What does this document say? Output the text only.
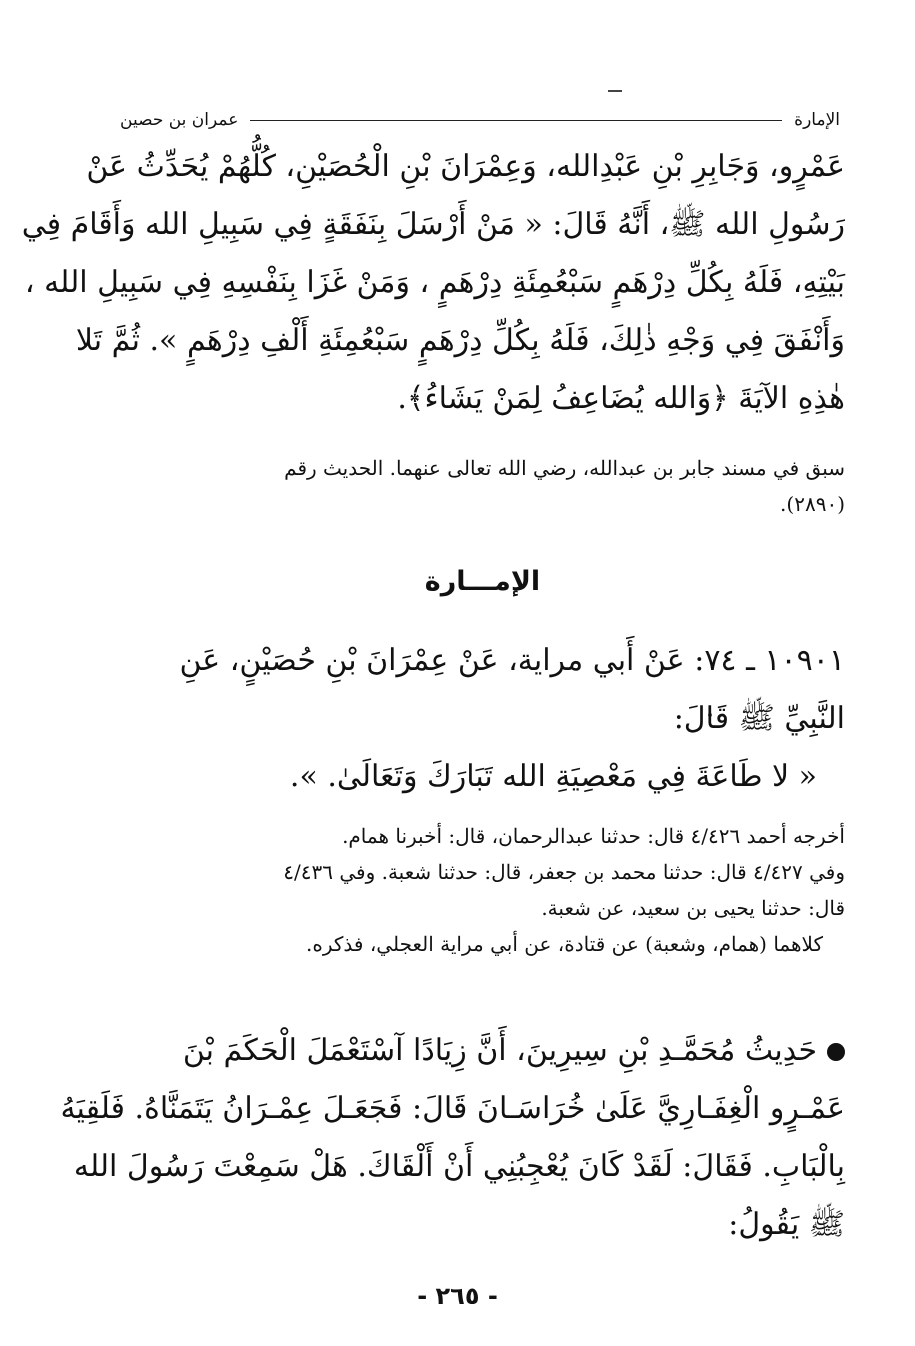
الإمارة
عمران بن حصين
عَمْرٍو، وَجَابِرِ بْنِ عَبْدِالله، وَعِمْرَانَ بْنِ الْحُصَيْنِ، كُلُّهُمْ يُحَدِّثُ عَنْ
رَسُولِ الله ﷺ، أَنَّهُ قَالَ: « مَنْ أَرْسَلَ بِنَفَقَةٍ فِي سَبِيلِ الله وَأَقَامَ فِي
بَيْتِهِ، فَلَهُ بِكُلِّ دِرْهَمٍ سَبْعُمِئَةِ دِرْهَمٍ ، وَمَنْ غَزَا بِنَفْسِهِ فِي سَبِيلِ الله ،
وَأَنْفَقَ فِي وَجْهِ ذٰلِكَ، فَلَهُ بِكُلِّ دِرْهَمٍ سَبْعُمِئَةِ أَلْفِ دِرْهَمٍ ». ثُمَّ تَلا
هٰذِهِ الآيَةَ ﴿وَالله يُضَاعِفُ لِمَنْ يَشَاءُ﴾.
سبق في مسند جابر بن عبدالله، رضي الله تعالى عنهما. الحديث رقم
(٢٨٩٠).
الإمـــارة
١٠٩٠١ ـ ٧٤: عَنْ أَبي مراية، عَنْ عِمْرَانَ بْنِ حُصَيْنٍ، عَنِ
النَّبِيِّ ﷺ قَالَ:
« لا طَاعَةَ فِي مَعْصِيَةِ الله تَبَارَكَ وَتَعَالَىٰ. ».
أخرجه أحمد ٤/٤٢٦ قال: حدثنا عبدالرحمان، قال: أخبرنا همام.
وفي ٤/٤٢٧ قال: حدثنا محمد بن جعفر، قال: حدثنا شعبة. وفي ٤/٤٣٦
قال: حدثنا يحيى بن سعيد، عن شعبة.
كلاهما (همام، وشعبة) عن قتادة، عن أبي مراية العجلي، فذكره.
حَدِيثُ مُحَمَّـدِ بْنِ سِيرِينَ، أَنَّ زِيَادًا آسْتَعْمَلَ الْحَكَمَ بْنَ
عَمْـرٍو الْغِفَـارِيَّ عَلَىٰ خُرَاسَـانَ قَالَ: فَجَعَـلَ عِمْـرَانُ يَتَمَنَّاهُ. فَلَقِيَهُ
بِالْبَابِ. فَقَالَ: لَقَدْ كَانَ يُعْجِبُنِي أَنْ أَلْقَاكَ. هَلْ سَمِعْتَ رَسُولَ الله
ﷺ يَقُولُ:
- ٢٦٥ -
